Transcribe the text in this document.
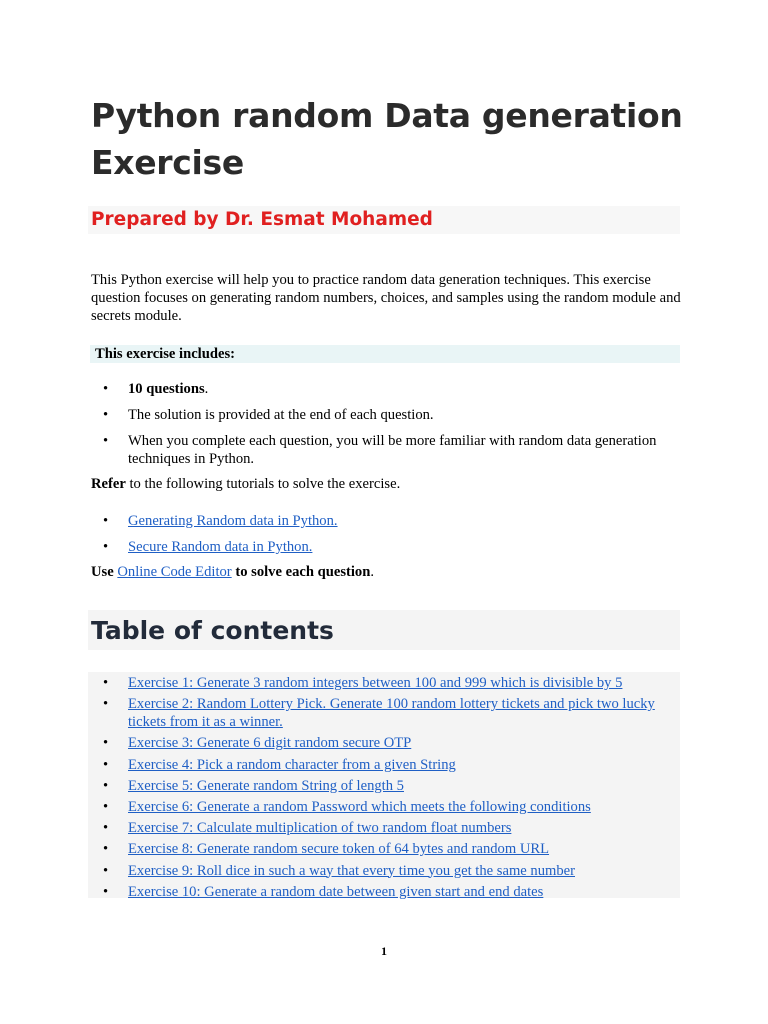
Python random Data generation Exercise
Prepared by Dr. Esmat Mohamed

This Python exercise will help you to practice random data generation techniques. This exercise question focuses on generating random numbers, choices, and samples using the random module and secrets module.

This exercise includes:

• 10 questions.
• The solution is provided at the end of each question.
• When you complete each question, you will be more familiar with random data generation techniques in Python.

Refer to the following tutorials to solve the exercise.

• Generating Random data in Python.
• Secure Random data in Python.

Use Online Code Editor to solve each question.

Table of contents
• Exercise 1: Generate 3 random integers between 100 and 999 which is divisible by 5
• Exercise 2: Random Lottery Pick. Generate 100 random lottery tickets and pick two lucky tickets from it as a winner.
• Exercise 3: Generate 6 digit random secure OTP
• Exercise 4: Pick a random character from a given String
• Exercise 5: Generate random String of length 5
• Exercise 6: Generate a random Password which meets the following conditions
• Exercise 7: Calculate multiplication of two random float numbers
• Exercise 8: Generate random secure token of 64 bytes and random URL
• Exercise 9: Roll dice in such a way that every time you get the same number
• Exercise 10: Generate a random date between given start and end dates

1
